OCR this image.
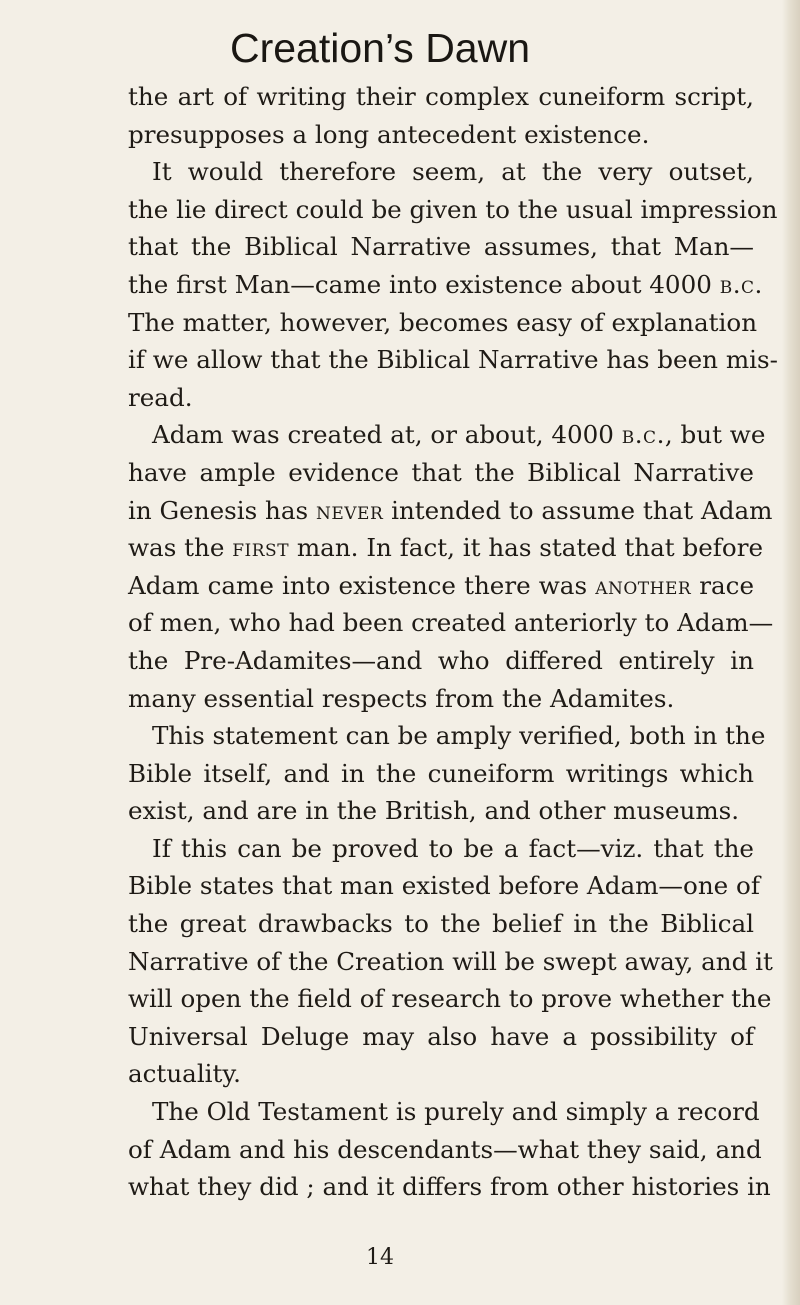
Creation’s Dawn
the art of writing their complex cuneiform script,
presupposes a long antecedent existence.
It would therefore seem, at the very outset,
the lie direct could be given to the usual impression
that the Biblical Narrative assumes, that Man—
the first Man—came into existence about 4000 b.c.
The matter, however, becomes easy of explanation
if we allow that the Biblical Narrative has been mis-
read.
Adam was created at, or about, 4000 b.c., but we
have ample evidence that the Biblical Narrative
in Genesis has never intended to assume that Adam
was the first man. In fact, it has stated that before
Adam came into existence there was another race
of men, who had been created anteriorly to Adam—
the Pre-Adamites—and who differed entirely in
many essential respects from the Adamites.
This statement can be amply verified, both in the
Bible itself, and in the cuneiform writings which
exist, and are in the British, and other museums.
If this can be proved to be a fact—viz. that the
Bible states that man existed before Adam—one of
the great drawbacks to the belief in the Biblical
Narrative of the Creation will be swept away, and it
will open the field of research to prove whether the
Universal Deluge may also have a possibility of
actuality.
The Old Testament is purely and simply a record
of Adam and his descendants—what they said, and
what they did ; and it differs from other histories in
14
